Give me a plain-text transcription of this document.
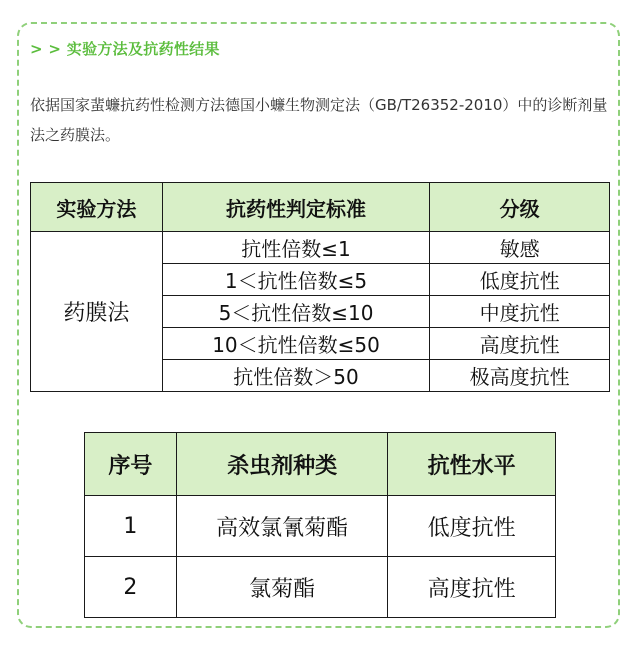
> > 实验方法及抗药性结果
依据国家蜚蠊抗药性检测方法德国小蠊生物测定法（GB/T26352-2010）中的诊断剂量法之药膜法。
实验方法	抗药性判定标准	分级
药膜法	抗性倍数≤1	敏感
	1＜抗性倍数≤5	低度抗性
	5＜抗性倍数≤10	中度抗性
	10＜抗性倍数≤50	高度抗性
	抗性倍数＞50	极高度抗性
序号	杀虫剂种类	抗性水平
1	高效氯氰菊酯	低度抗性
2	氯菊酯	高度抗性
